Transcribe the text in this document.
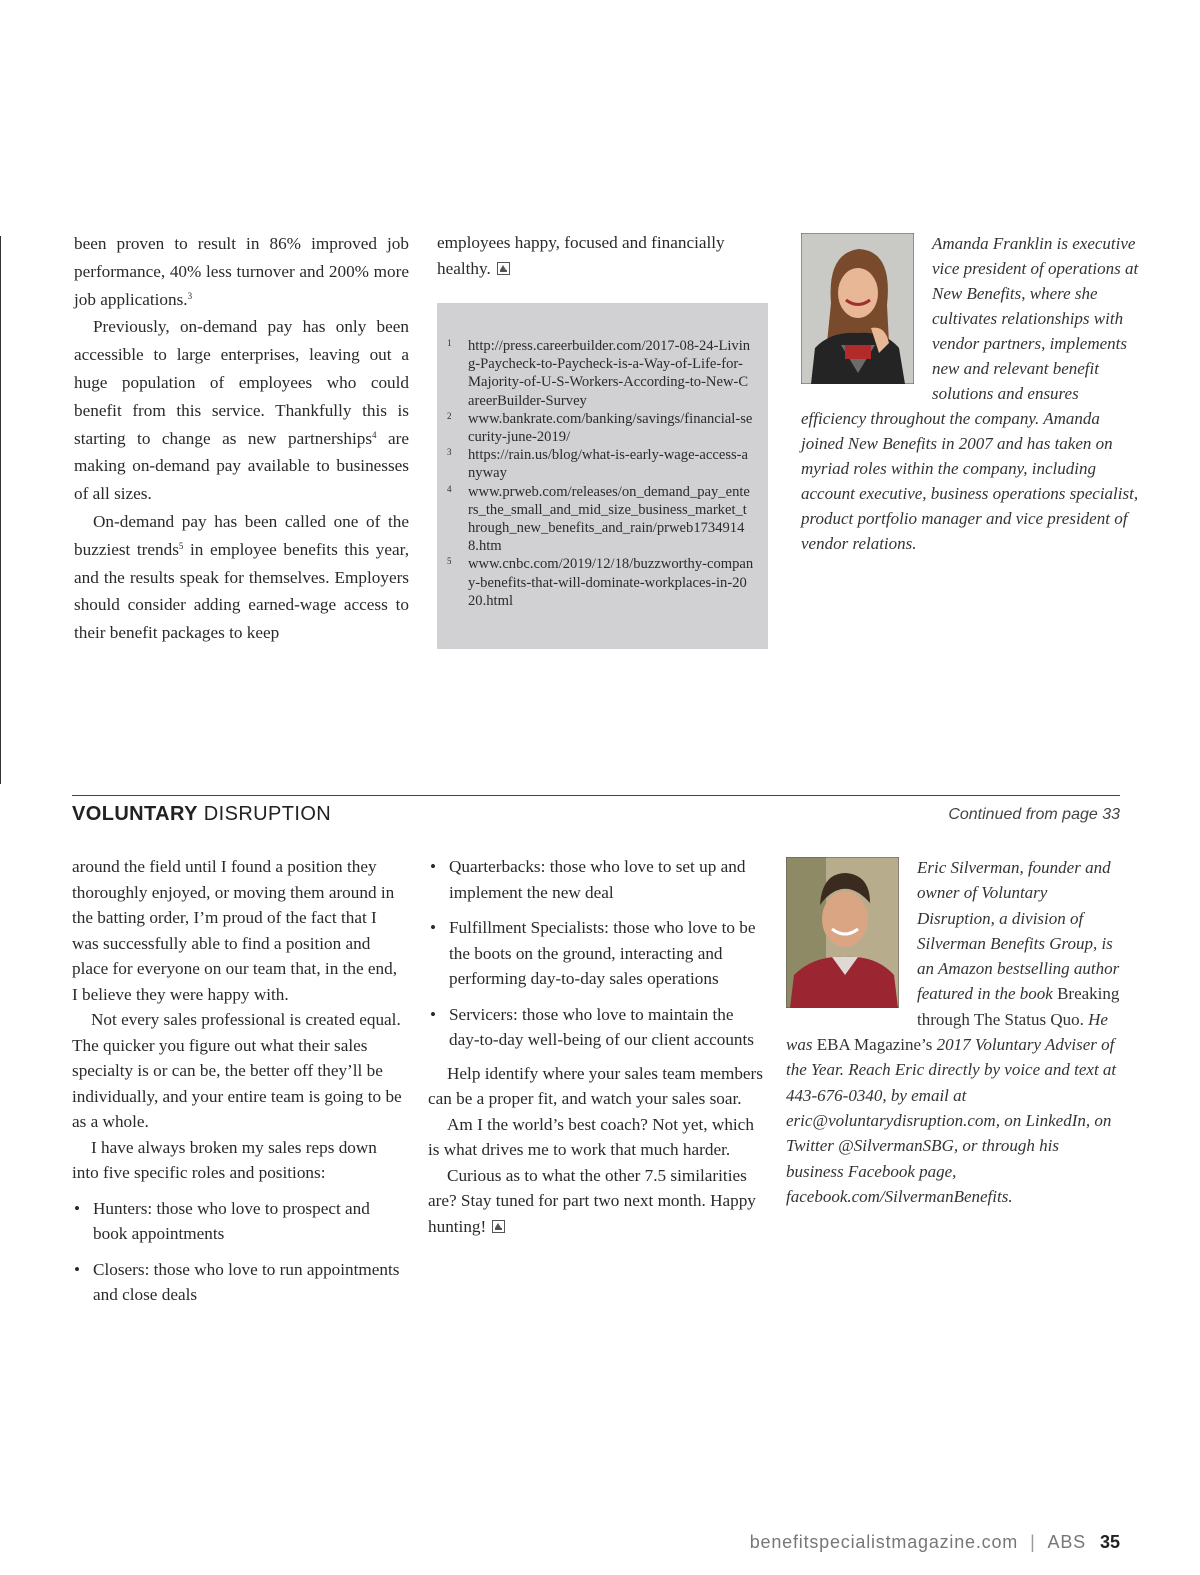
been proven to result in 86% improved job performance, 40% less turnover and 200% more job applications.$^3$

Previously, on-demand pay has only been accessible to large enterprises, leaving out a huge population of employees who could benefit from this service. Thankfully this is starting to change as new partnerships$^4$ are making on-demand pay available to businesses of all sizes.

On-demand pay has been called one of the buzziest trends$^5$ in employee benefits this year, and the results speak for themselves. Employers should consider adding earned-wage access to their benefit packages to keep

employees happy, focused and financially healthy.

1 http://press.careerbuilder.com/2017-08-24-Living-Paycheck-to-Paycheck-is-a-Way-of-Life-for-Majority-of-U-S-Workers-According-to-New-CareerBuilder-Survey
2 www.bankrate.com/banking/savings/financial-security-june-2019/
3 https://rain.us/blog/what-is-early-wage-access-anyway
4 www.prweb.com/releases/on_demand_pay_enters_the_small_and_mid_size_business_market_through_new_benefits_and_rain/prweb17349148.htm
5 www.cnbc.com/2019/12/18/buzzworthy-company-benefits-that-will-dominate-workplaces-in-2020.html
Amanda Franklin is executive vice president of operations at New Benefits, where she cultivates relationships with vendor partners, implements new and relevant benefit solutions and ensures efficiency throughout the company. Amanda joined New Benefits in 2007 and has taken on myriad roles within the company, including account executive, business operations specialist, product portfolio manager and vice president of vendor relations.
VOLUNTARY DISRUPTION	Continued from page 33

around the field until I found a position they thoroughly enjoyed, or moving them around in the batting order, I’m proud of the fact that I was successfully able to find a position and place for everyone on our team that, in the end, I believe they were happy with.

Not every sales professional is created equal. The quicker you figure out what their sales specialty is or can be, the better off they’ll be individually, and your entire team is going to be as a whole.

I have always broken my sales reps down into five specific roles and positions:

• Hunters: those who love to prospect and book appointments
• Closers: those who love to run appointments and close deals
• Quarterbacks: those who love to set up and implement the new deal
• Fulfillment Specialists: those who love to be the boots on the ground, interacting and performing day-to-day sales operations
• Servicers: those who love to maintain the day-to-day well-being of our client accounts

Help identify where your sales team members can be a proper fit, and watch your sales soar.

Am I the world’s best coach? Not yet, which is what drives me to work that much harder.

Curious as to what the other 7.5 similarities are? Stay tuned for part two next month. Happy hunting!

Eric Silverman, founder and owner of Voluntary Disruption, a division of Silverman Benefits Group, is an Amazon bestselling author featured in the book Breaking through The Status Quo. He was EBA Magazine’s 2017 Voluntary Adviser of the Year. Reach Eric directly by voice and text at 443-676-0340, by email at eric@voluntarydisruption.com, on LinkedIn, on Twitter @SilvermanSBG, or through his business Facebook page, facebook.com/SilvermanBenefits.
benefitspecialistmagazine.com | ABS 35
